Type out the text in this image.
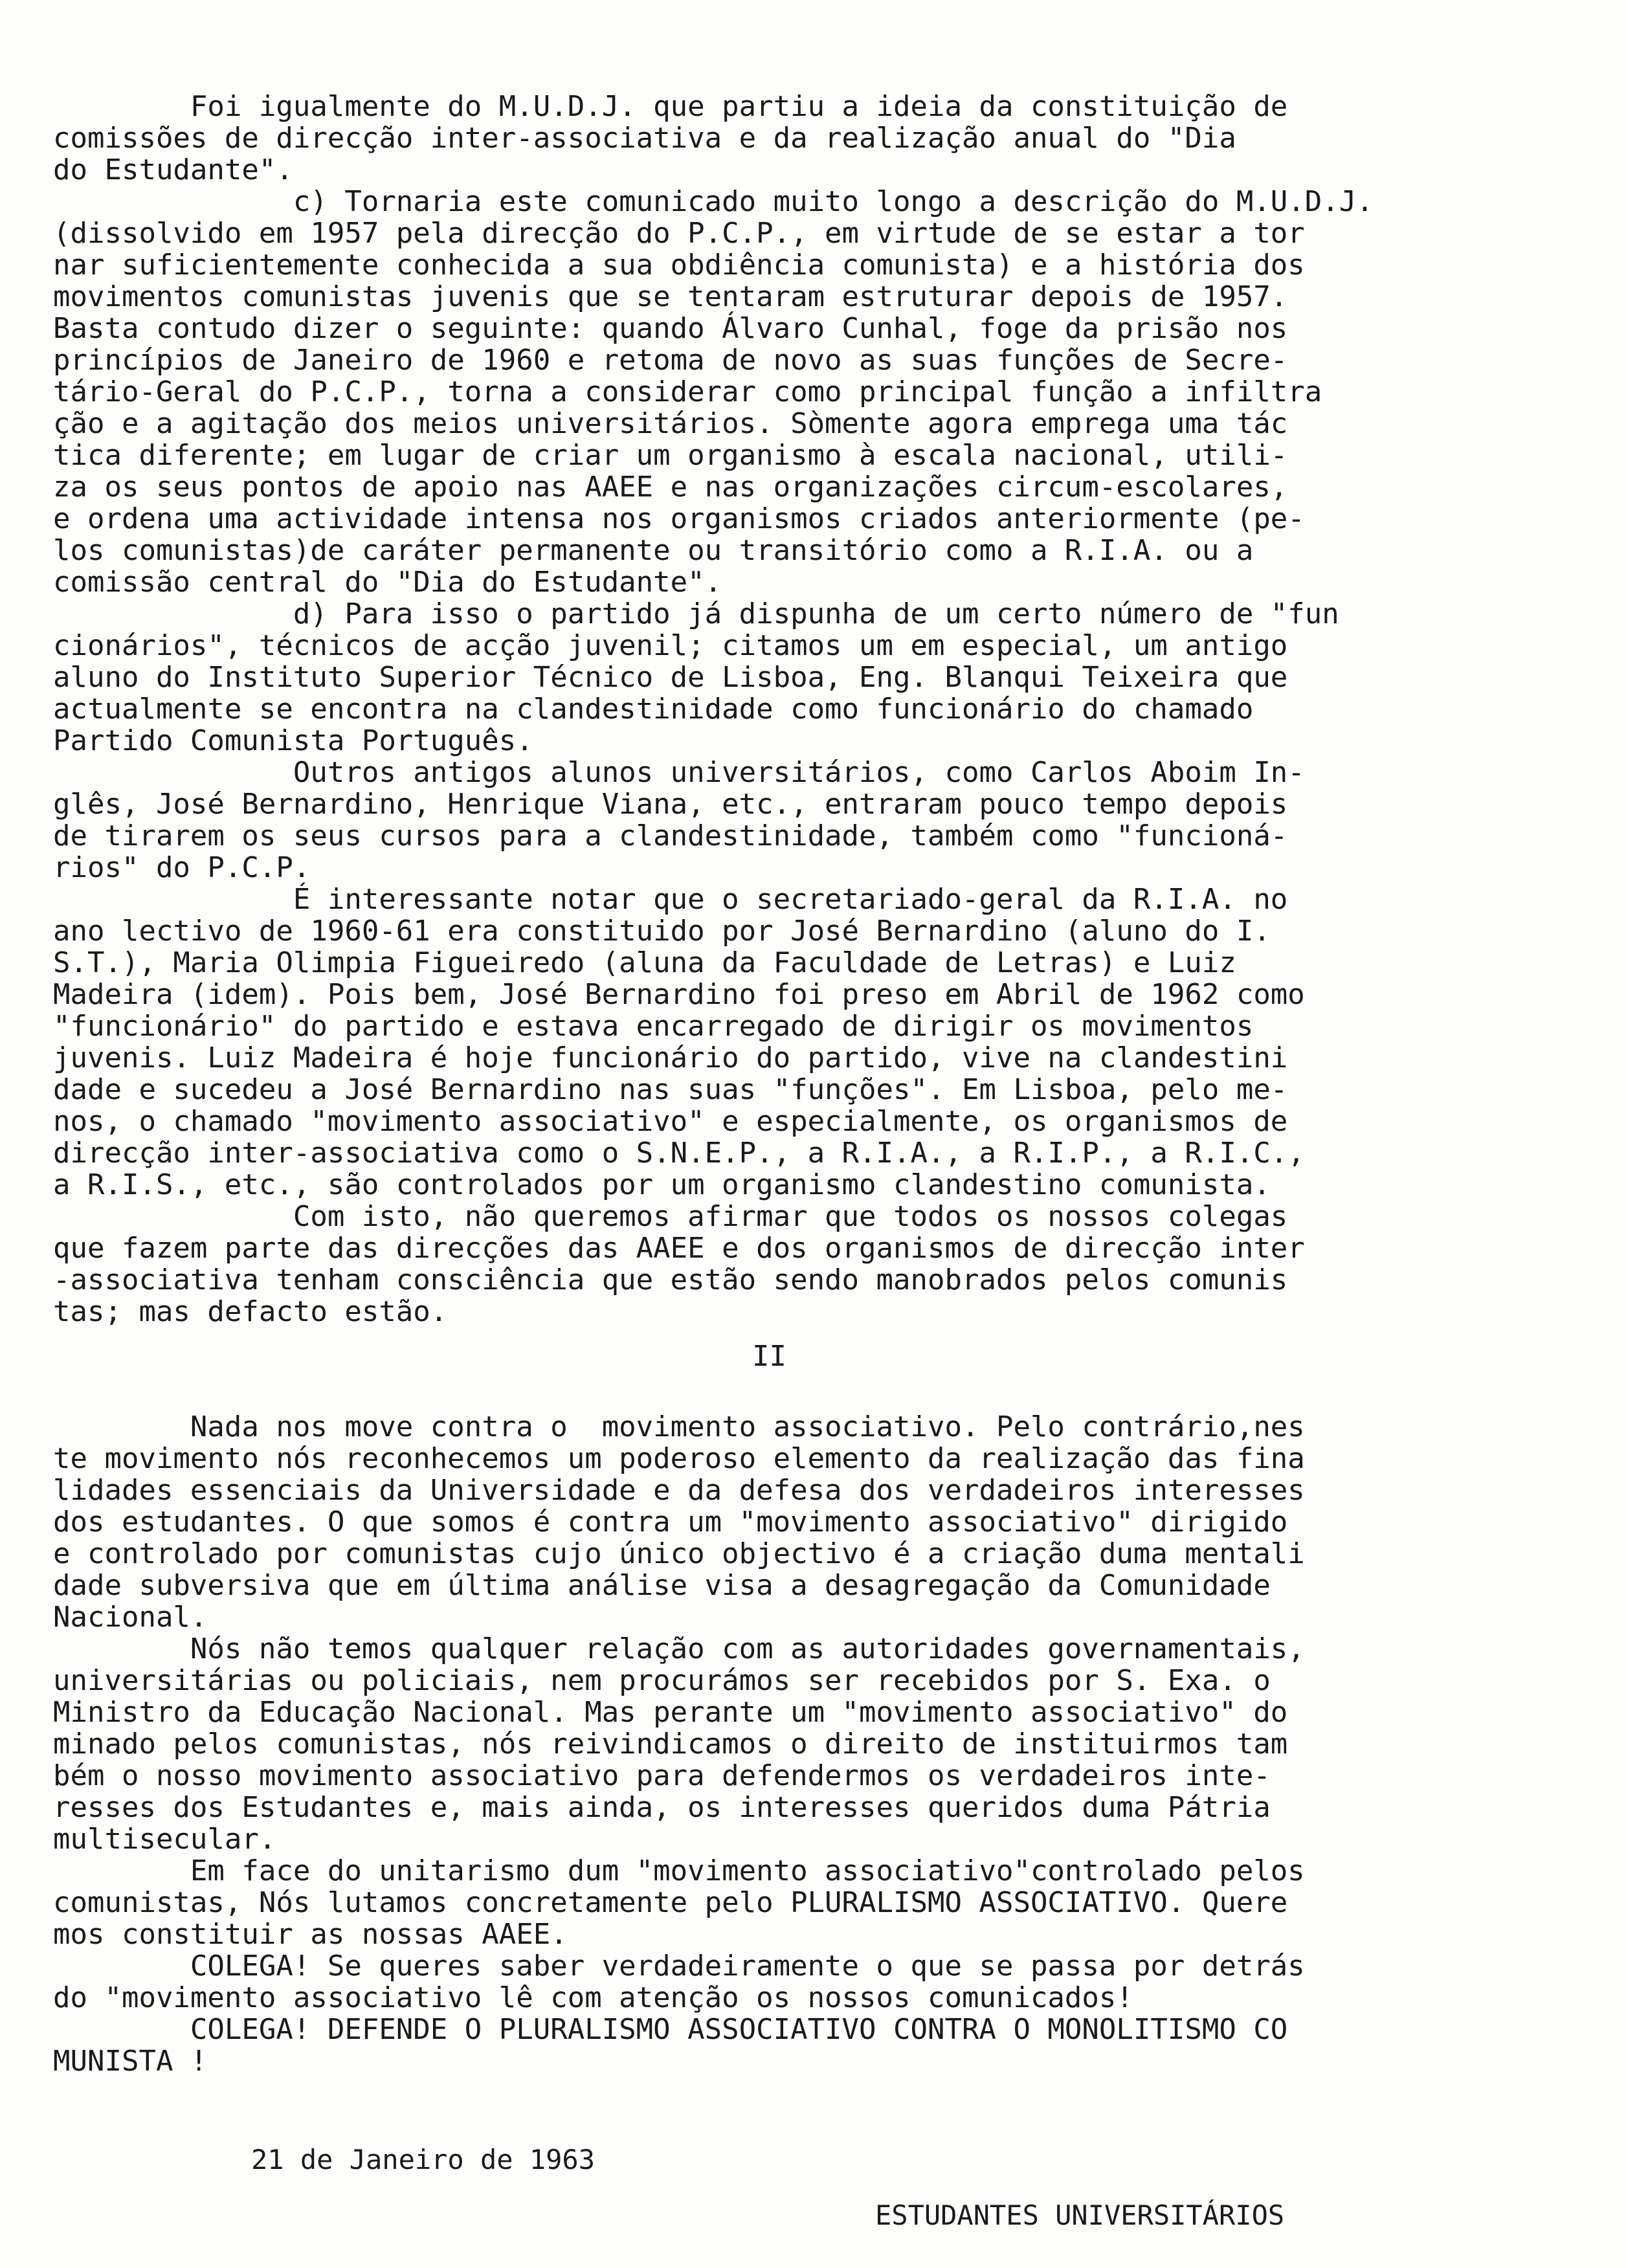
Foi igualmente do M.U.D.J. que partiu a ideia da constituição de
comissões de direcção inter-associativa e da realização anual do "Dia
do Estudante".
c) Tornaria este comunicado muito longo a descrição do M.U.D.J.
(dissolvido em 1957 pela direcção do P.C.P., em virtude de se estar a tor
nar suficientemente conhecida a sua obdiência comunista) e a história dos
movimentos comunistas juvenis que se tentaram estruturar depois de 1957.
Basta contudo dizer o seguinte: quando Álvaro Cunhal, foge da prisão nos
princípios de Janeiro de 1960 e retoma de novo as suas funções de Secre-
tário-Geral do P.C.P., torna a considerar como principal função a infiltra
ção e a agitação dos meios universitários. Sòmente agora emprega uma tác
tica diferente; em lugar de criar um organismo à escala nacional, utili-
za os seus pontos de apoio nas AAEE e nas organizações circum-escolares,
e ordena uma actividade intensa nos organismos criados anteriormente (pe-
los comunistas)de caráter permanente ou transitório como a R.I.A. ou a
comissão central do "Dia do Estudante".
d) Para isso o partido já dispunha de um certo número de "fun
cionários", técnicos de acção juvenil; citamos um em especial, um antigo
aluno do Instituto Superior Técnico de Lisboa, Eng. Blanqui Teixeira que
actualmente se encontra na clandestinidade como funcionário do chamado
Partido Comunista Português.
Outros antigos alunos universitários, como Carlos Aboim In-
glês, José Bernardino, Henrique Viana, etc., entraram pouco tempo depois
de tirarem os seus cursos para a clandestinidade, também como "funcioná-
rios" do P.C.P.
É interessante notar que o secretariado-geral da R.I.A. no
ano lectivo de 1960-61 era constituido por José Bernardino (aluno do I.
S.T.), Maria Olimpia Figueiredo (aluna da Faculdade de Letras) e Luiz
Madeira (idem). Pois bem, José Bernardino foi preso em Abril de 1962 como
"funcionário" do partido e estava encarregado de dirigir os movimentos
juvenis. Luiz Madeira é hoje funcionário do partido, vive na clandestini
dade e sucedeu a José Bernardino nas suas "funções". Em Lisboa, pelo me-
nos, o chamado "movimento associativo" e especialmente, os organismos de
direcção inter-associativa como o S.N.E.P., a R.I.A., a R.I.P., a R.I.C.,
a R.I.S., etc., são controlados por um organismo clandestino comunista.
Com isto, não queremos afirmar que todos os nossos colegas
que fazem parte das direcções das AAEE e dos organismos de direcção inter
-associativa tenham consciência que estão sendo manobrados pelos comunis
tas; mas defacto estão.
II
Nada nos move contra o  movimento associativo. Pelo contrário,nes
te movimento nós reconhecemos um poderoso elemento da realização das fina
lidades essenciais da Universidade e da defesa dos verdadeiros interesses
dos estudantes. O que somos é contra um "movimento associativo" dirigido
e controlado por comunistas cujo único objectivo é a criação duma mentali
dade subversiva que em última análise visa a desagregação da Comunidade
Nacional.
Nós não temos qualquer relação com as autoridades governamentais,
universitárias ou policiais, nem procurámos ser recebidos por S. Exa. o
Ministro da Educação Nacional. Mas perante um "movimento associativo" do
minado pelos comunistas, nós reivindicamos o direito de instituirmos tam
bém o nosso movimento associativo para defendermos os verdadeiros inte-
resses dos Estudantes e, mais ainda, os interesses queridos duma Pátria
multisecular.
Em face do unitarismo dum "movimento associativo"controlado pelos
comunistas, Nós lutamos concretamente pelo PLURALISMO ASSOCIATIVO. Quere
mos constituir as nossas AAEE.
COLEGA! Se queres saber verdadeiramente o que se passa por detrás
do "movimento associativo lê com atenção os nossos comunicados!
COLEGA! DEFENDE O PLURALISMO ASSOCIATIVO CONTRA O MONOLITISMO CO
MUNISTA !
21 de Janeiro de 1963
ESTUDANTES UNIVERSITÁRIOS
